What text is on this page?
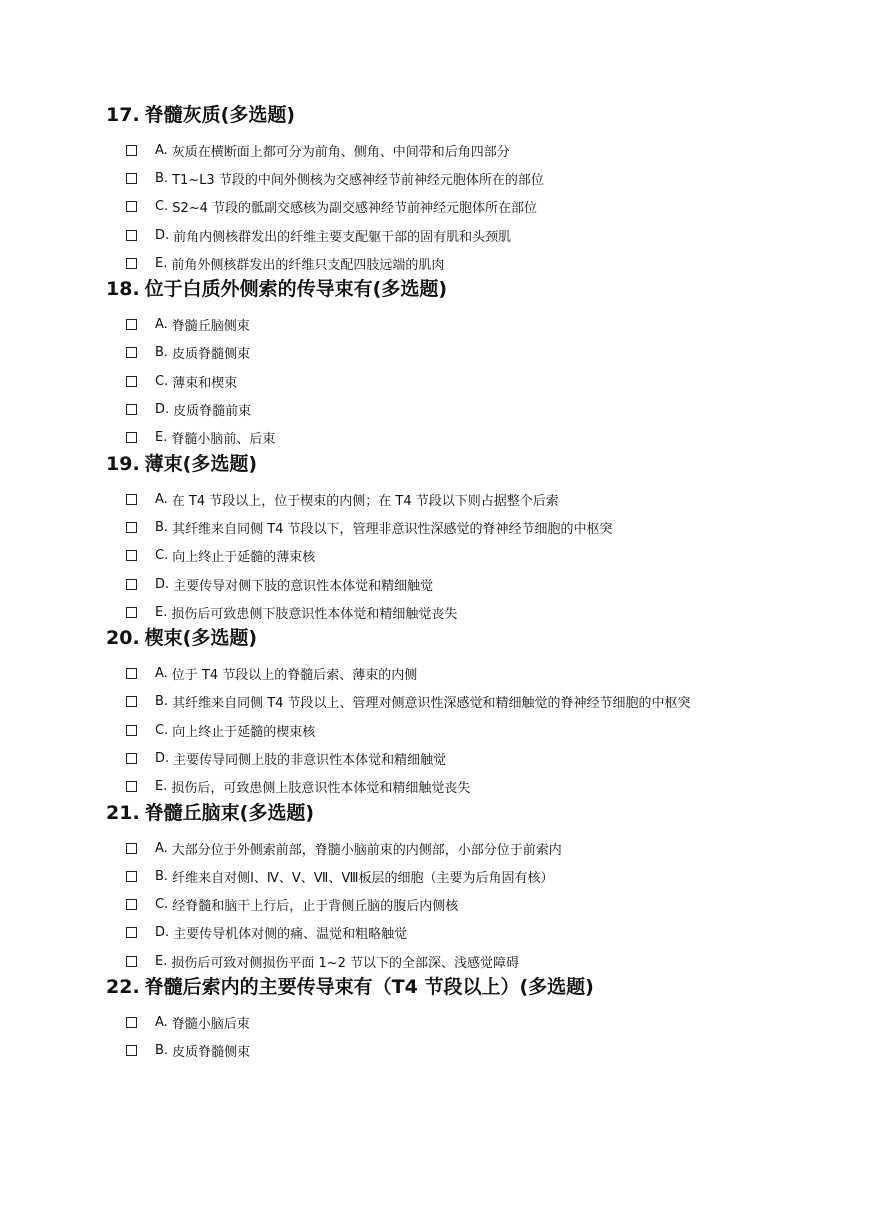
17. 脊髓灰质(多选题)
A. 灰质在横断面上都可分为前角、侧角、中间带和后角四部分
B. T1~L3 节段的中间外侧核为交感神经节前神经元胞体所在的部位
C. S2~4 节段的骶副交感核为副交感神经节前神经元胞体所在部位
D. 前角内侧核群发出的纤维主要支配躯干部的固有肌和头颈肌
E. 前角外侧核群发出的纤维只支配四肢远端的肌肉
18. 位于白质外侧索的传导束有(多选题)
A. 脊髓丘脑侧束
B. 皮质脊髓侧束
C. 薄束和楔束
D. 皮质脊髓前束
E. 脊髓小脑前、后束
19. 薄束(多选题)
A. 在 T4 节段以上，位于楔束的内侧；在 T4 节段以下则占据整个后索
B. 其纤维来自同侧 T4 节段以下，管理非意识性深感觉的脊神经节细胞的中枢突
C. 向上终止于延髓的薄束核
D. 主要传导对侧下肢的意识性本体觉和精细触觉
E. 损伤后可致患侧下肢意识性本体觉和精细触觉丧失
20. 楔束(多选题)
A. 位于 T4 节段以上的脊髓后索、薄束的内侧
B. 其纤维来自同侧 T4 节段以上、管理对侧意识性深感觉和精细触觉的脊神经节细胞的中枢突
C. 向上终止于延髓的楔束核
D. 主要传导同侧上肢的非意识性本体觉和精细触觉
E. 损伤后，可致患侧上肢意识性本体觉和精细触觉丧失
21. 脊髓丘脑束(多选题)
A. 大部分位于外侧索前部，脊髓小脑前束的内侧部，小部分位于前索内
B. 纤维来自对侧Ⅰ、Ⅳ、Ⅴ、Ⅶ、Ⅷ板层的细胞（主要为后角固有核）
C. 经脊髓和脑干上行后，止于背侧丘脑的腹后内侧核
D. 主要传导机体对侧的痛、温觉和粗略触觉
E. 损伤后可致对侧损伤平面 1~2 节以下的全部深、浅感觉障碍
22. 脊髓后索内的主要传导束有（T4 节段以上）(多选题)
A. 脊髓小脑后束
B. 皮质脊髓侧束
